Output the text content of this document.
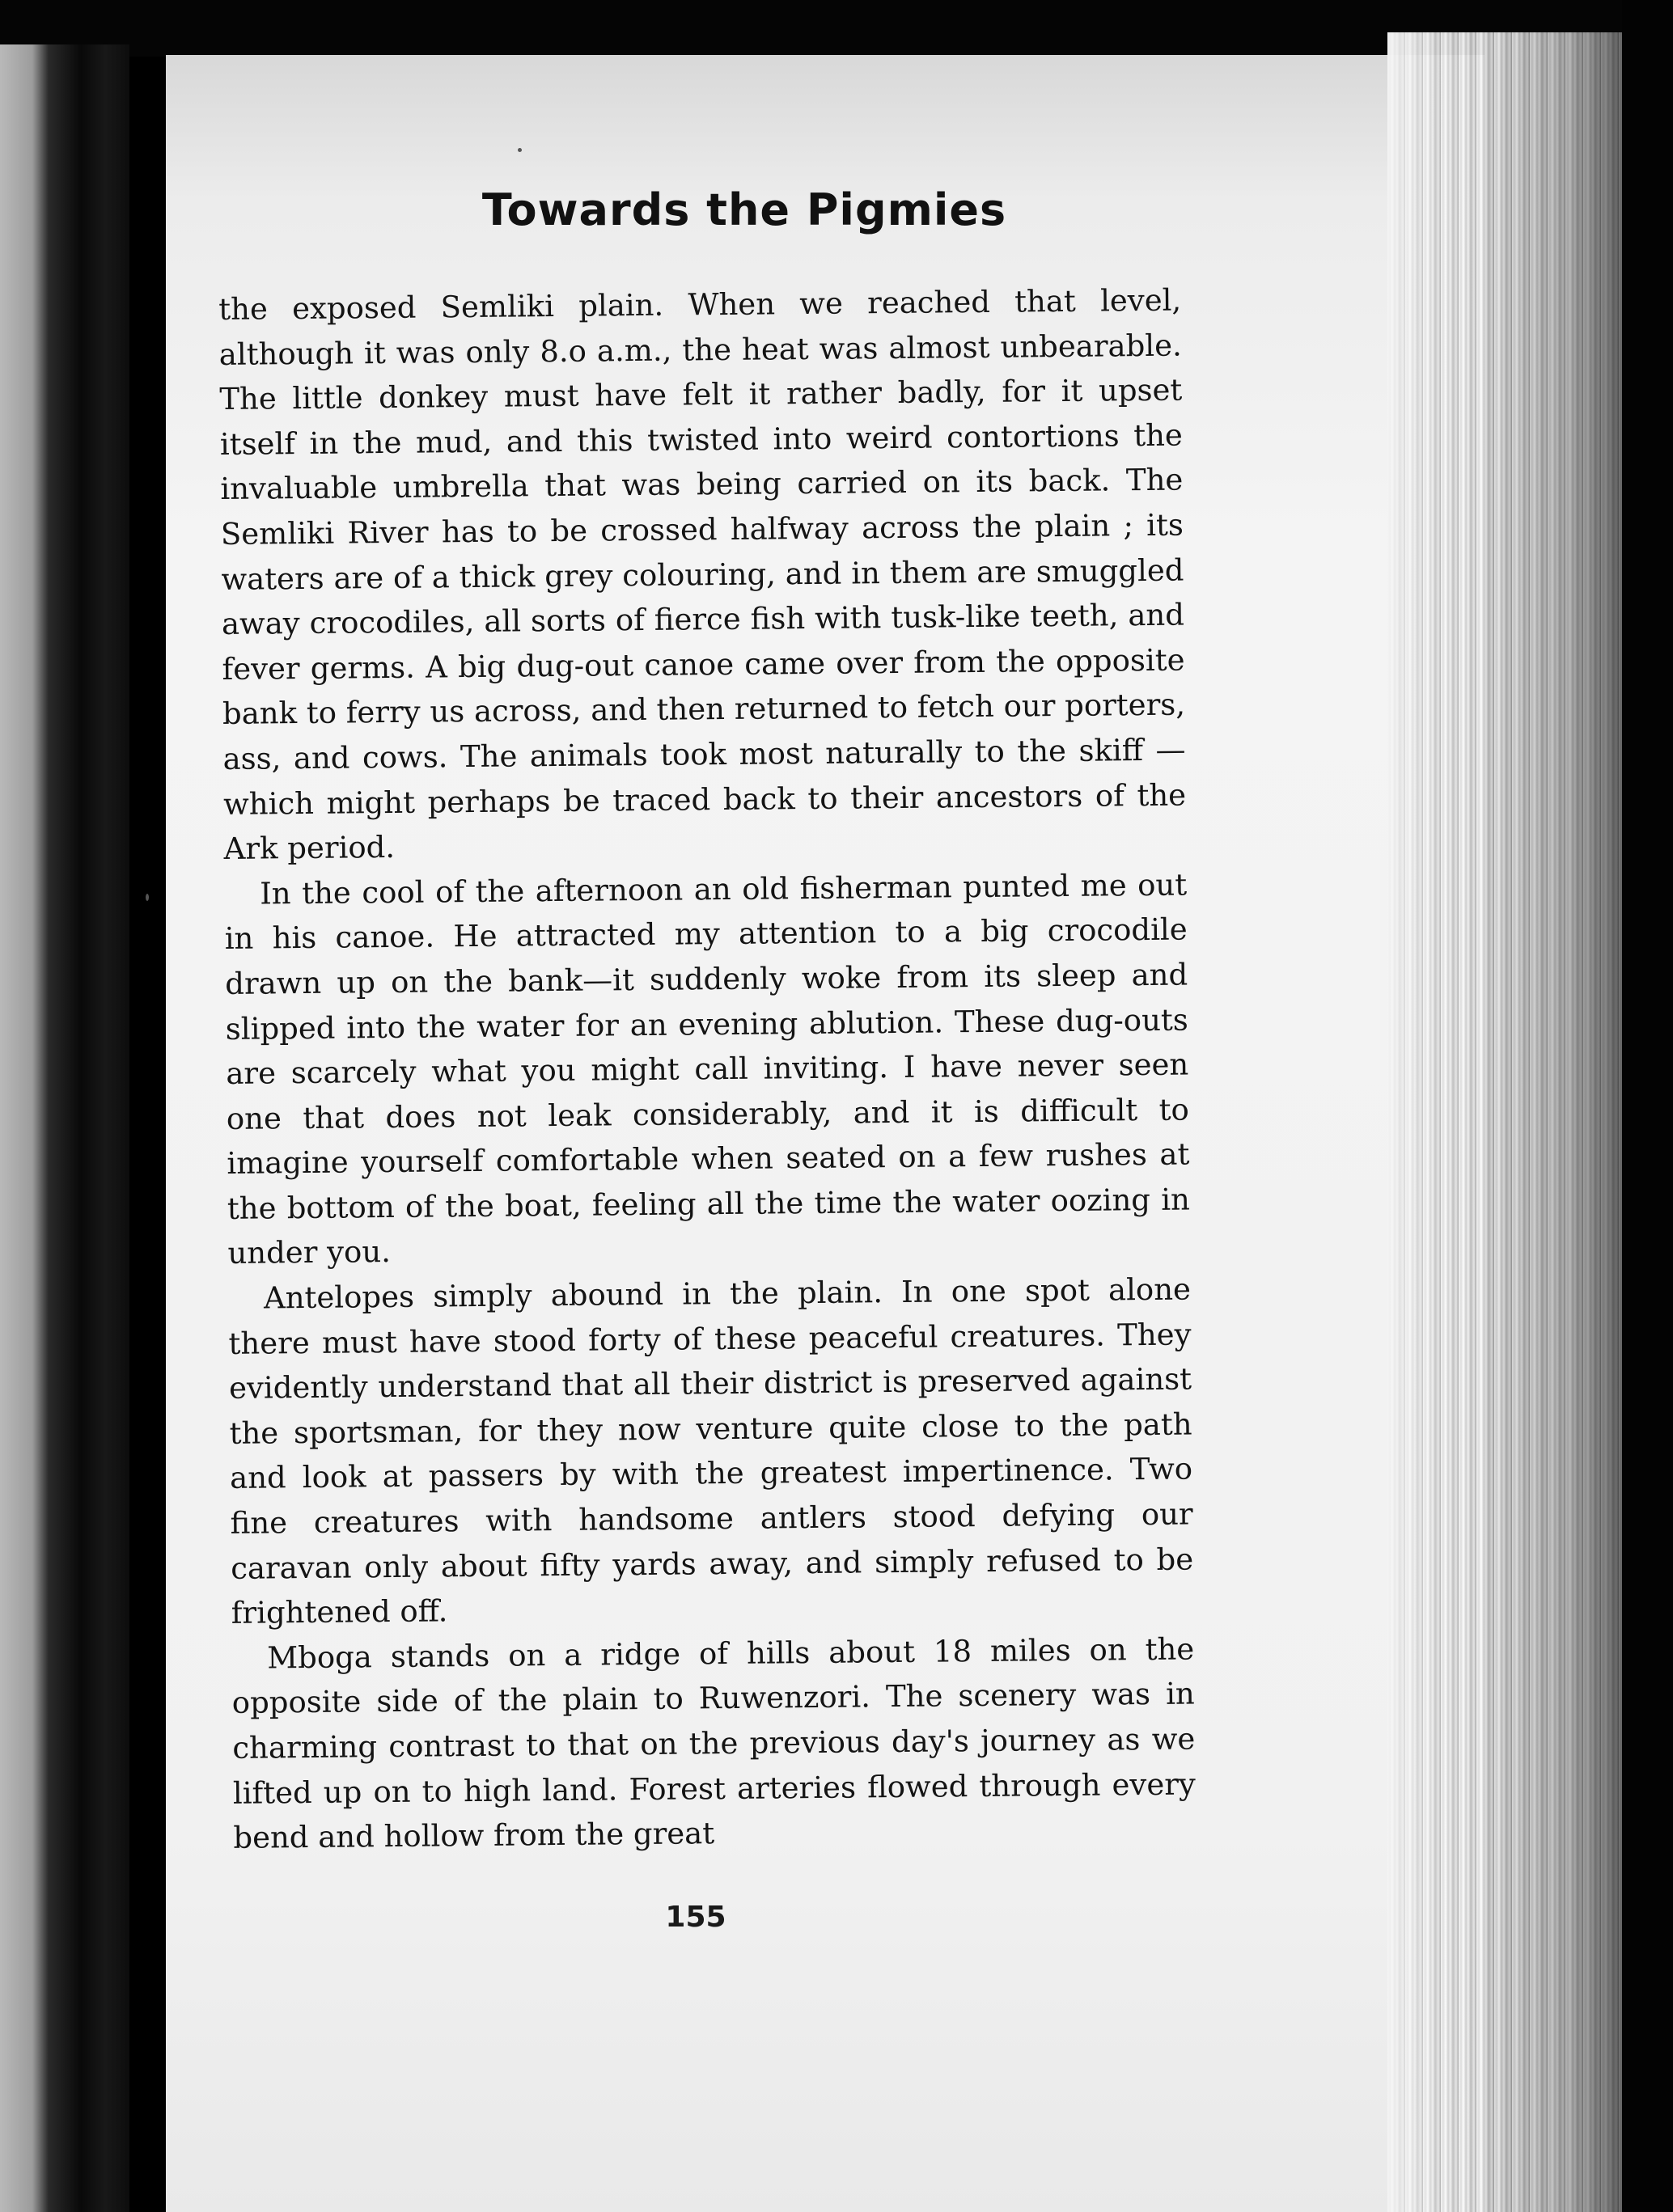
Towards the Pigmies

the exposed Semliki plain. When we reached that level, although it was only 8.o a.m., the heat was almost unbearable. The little donkey must have felt it rather badly, for it upset itself in the mud, and this twisted into weird contortions the invaluable umbrella that was being carried on its back. The Semliki River has to be crossed halfway across the plain ; its waters are of a thick grey colouring, and in them are smuggled away crocodiles, all sorts of fierce fish with tusk-like teeth, and fever germs. A big dug-out canoe came over from the opposite bank to ferry us across, and then returned to fetch our porters, ass, and cows. The animals took most naturally to the skiff — which might perhaps be traced back to their ancestors of the Ark period.

In the cool of the afternoon an old fisherman punted me out in his canoe. He attracted my attention to a big crocodile drawn up on the bank—it suddenly woke from its sleep and slipped into the water for an evening ablution. These dug-outs are scarcely what you might call inviting. I have never seen one that does not leak considerably, and it is difficult to imagine yourself comfortable when seated on a few rushes at the bottom of the boat, feeling all the time the water oozing in under you.

Antelopes simply abound in the plain. In one spot alone there must have stood forty of these peaceful creatures. They evidently understand that all their district is preserved against the sportsman, for they now venture quite close to the path and look at passers by with the greatest impertinence. Two fine creatures with handsome antlers stood defying our caravan only about fifty yards away, and simply refused to be frightened off.

Mboga stands on a ridge of hills about 18 miles on the opposite side of the plain to Ruwenzori. The scenery was in charming contrast to that on the previous day's journey as we lifted up on to high land. Forest arteries flowed through every bend and hollow from the great

155
